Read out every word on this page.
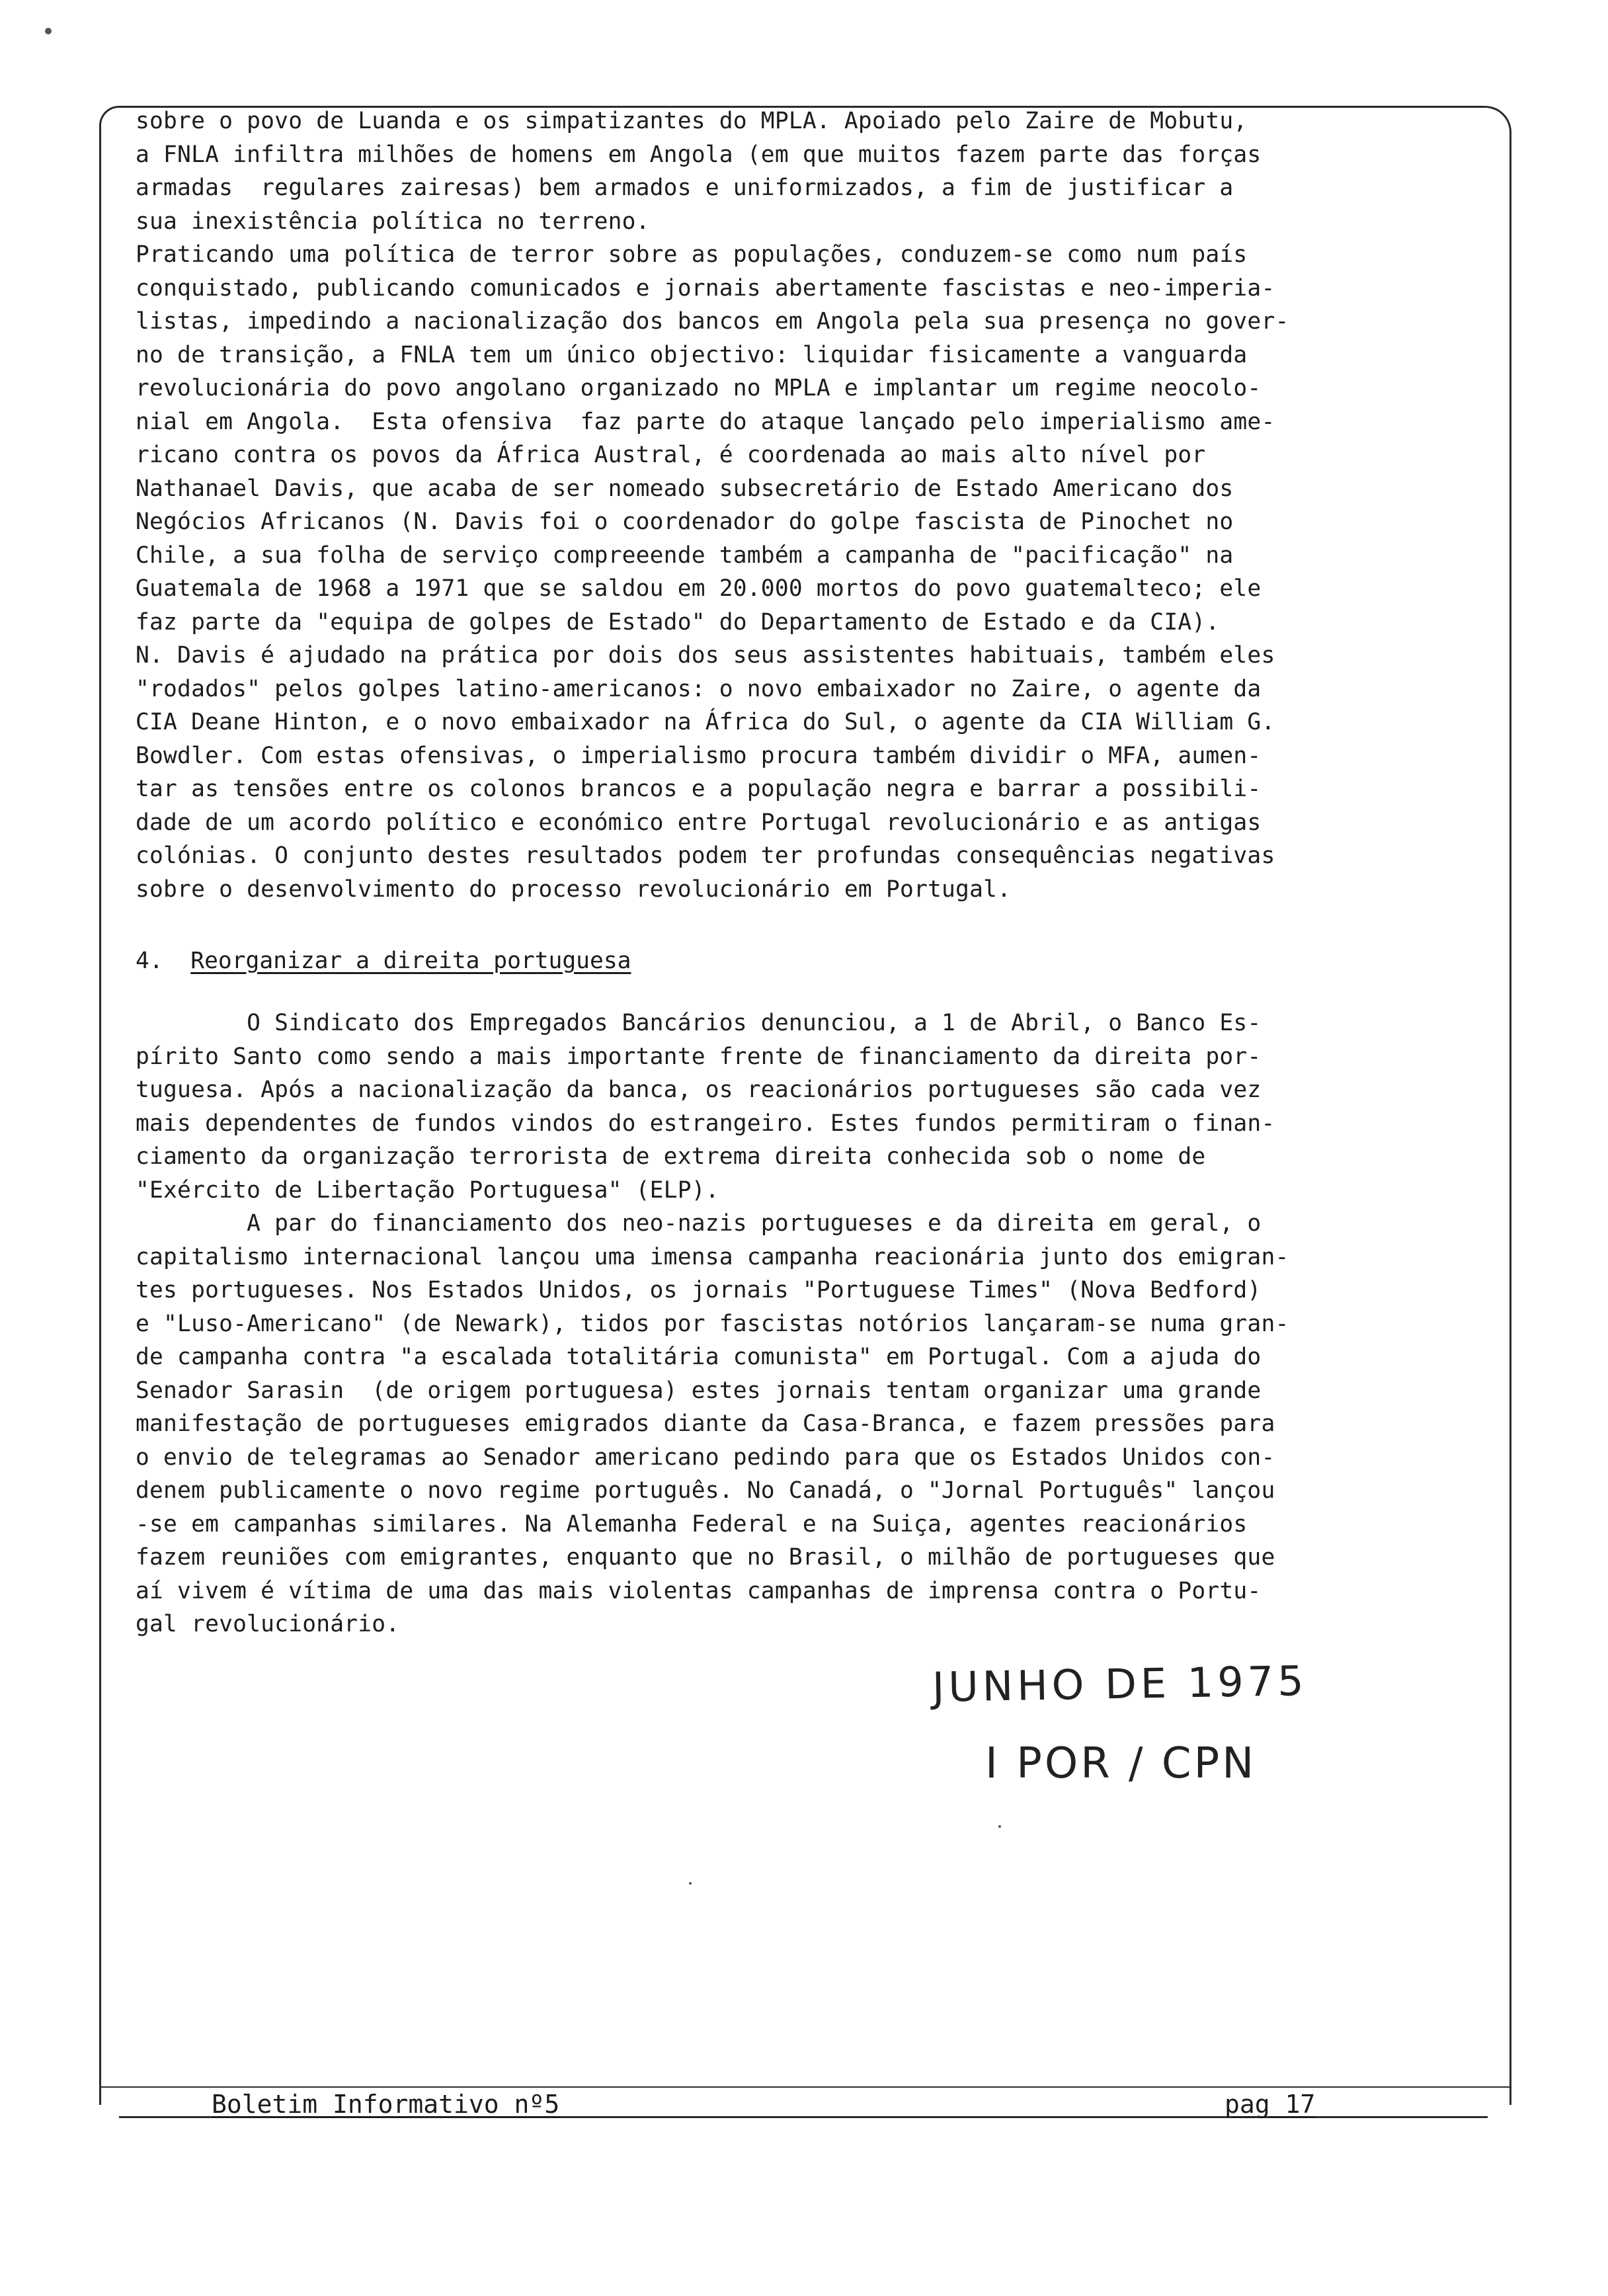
sobre o povo de Luanda e os simpatizantes do MPLA. Apoiado pelo Zaire de Mobutu,
a FNLA infiltra milhões de homens em Angola (em que muitos fazem parte das forças
armadas  regulares zairesas) bem armados e uniformizados, a fim de justificar a
sua inexistência política no terreno.
Praticando uma política de terror sobre as populações, conduzem-se como num país
conquistado, publicando comunicados e jornais abertamente fascistas e neo-imperia-
listas, impedindo a nacionalização dos bancos em Angola pela sua presença no gover-
no de transição, a FNLA tem um único objectivo: liquidar fisicamente a vanguarda
revolucionária do povo angolano organizado no MPLA e implantar um regime neocolo-
nial em Angola.  Esta ofensiva  faz parte do ataque lançado pelo imperialismo ame-
ricano contra os povos da África Austral, é coordenada ao mais alto nível por
Nathanael Davis, que acaba de ser nomeado subsecretário de Estado Americano dos
Negócios Africanos (N. Davis foi o coordenador do golpe fascista de Pinochet no
Chile, a sua folha de serviço compreeende também a campanha de "pacificação" na
Guatemala de 1968 a 1971 que se saldou em 20.000 mortos do povo guatemalteco; ele
faz parte da "equipa de golpes de Estado" do Departamento de Estado e da CIA).
N. Davis é ajudado na prática por dois dos seus assistentes habituais, também eles
"rodados" pelos golpes latino-americanos: o novo embaixador no Zaire, o agente da
CIA Deane Hinton, e o novo embaixador na África do Sul, o agente da CIA William G.
Bowdler. Com estas ofensivas, o imperialismo procura também dividir o MFA, aumen-
tar as tensões entre os colonos brancos e a população negra e barrar a possibili-
dade de um acordo político e económico entre Portugal revolucionário e as antigas
colónias. O conjunto destes resultados podem ter profundas consequências negativas
sobre o desenvolvimento do processo revolucionário em Portugal.
4. Reorganizar a direita portuguesa
O Sindicato dos Empregados Bancários denunciou, a 1 de Abril, o Banco Es-
pírito Santo como sendo a mais importante frente de financiamento da direita por-
tuguesa. Após a nacionalização da banca, os reacionários portugueses são cada vez
mais dependentes de fundos vindos do estrangeiro. Estes fundos permitiram o finan-
ciamento da organização terrorista de extrema direita conhecida sob o nome de
"Exército de Libertação Portuguesa" (ELP).
A par do financiamento dos neo-nazis portugueses e da direita em geral, o
capitalismo internacional lançou uma imensa campanha reacionária junto dos emigran-
tes portugueses. Nos Estados Unidos, os jornais "Portuguese Times" (Nova Bedford)
e "Luso-Americano" (de Newark), tidos por fascistas notórios lançaram-se numa gran-
de campanha contra "a escalada totalitária comunista" em Portugal. Com a ajuda do
Senador Sarasin  (de origem portuguesa) estes jornais tentam organizar uma grande
manifestação de portugueses emigrados diante da Casa-Branca, e fazem pressões para
o envio de telegramas ao Senador americano pedindo para que os Estados Unidos con-
denem publicamente o novo regime português. No Canadá, o "Jornal Português" lançou
-se em campanhas similares. Na Alemanha Federal e na Suiça, agentes reacionários
fazem reuniões com emigrantes, enquanto que no Brasil, o milhão de portugueses que
aí vivem é vítima de uma das mais violentas campanhas de imprensa contra o Portu-
gal revolucionário.
JUNHO DE 1975
I POR / CPN
Boletim Informativo nº5	pag 17
